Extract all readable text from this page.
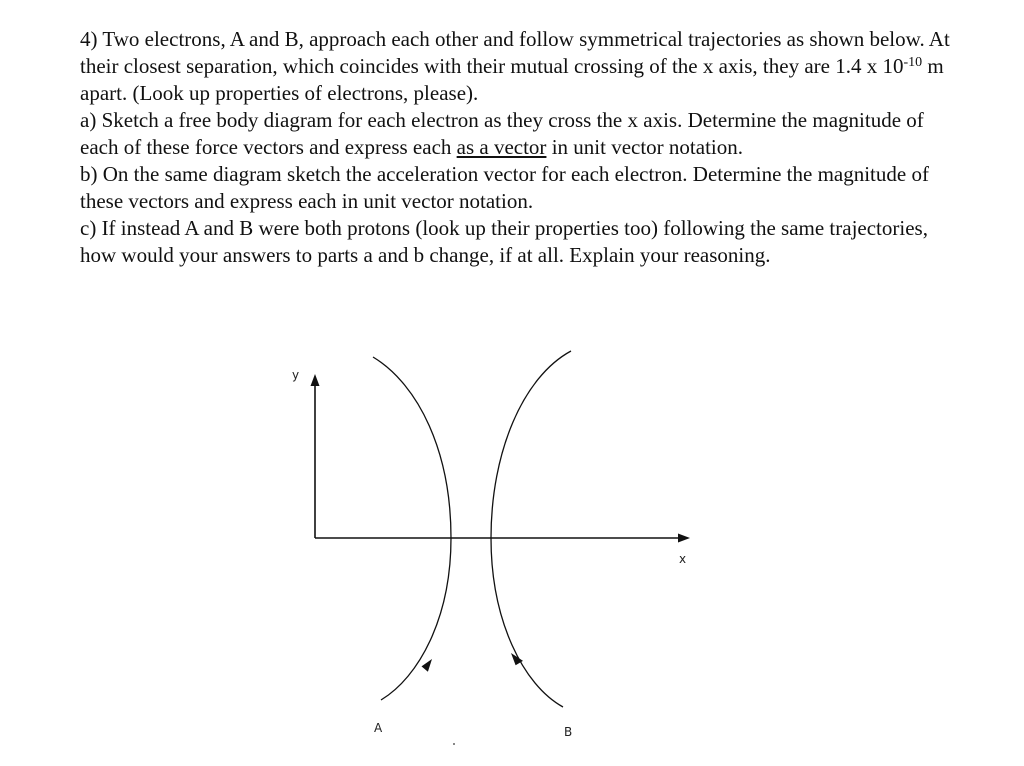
4) Two electrons, A and B, approach each other and follow symmetrical trajectories as shown below. At their closest separation, which coincides with their mutual crossing of the x axis, they are 1.4 x $10^{-10}$ m apart. (Look up properties of electrons, please).

a) Sketch a free body diagram for each electron as they cross the x axis. Determine the magnitude of each of these force vectors and express each as a vector in unit vector notation.

b) On the same diagram sketch the acceleration vector for each electron. Determine the magnitude of these vectors and express each in unit vector notation.

c) If instead A and B were both protons (look up their properties too) following the same trajectories, how would your answers to parts a and b change, if at all. Explain your reasoning.

y
x
A	B
